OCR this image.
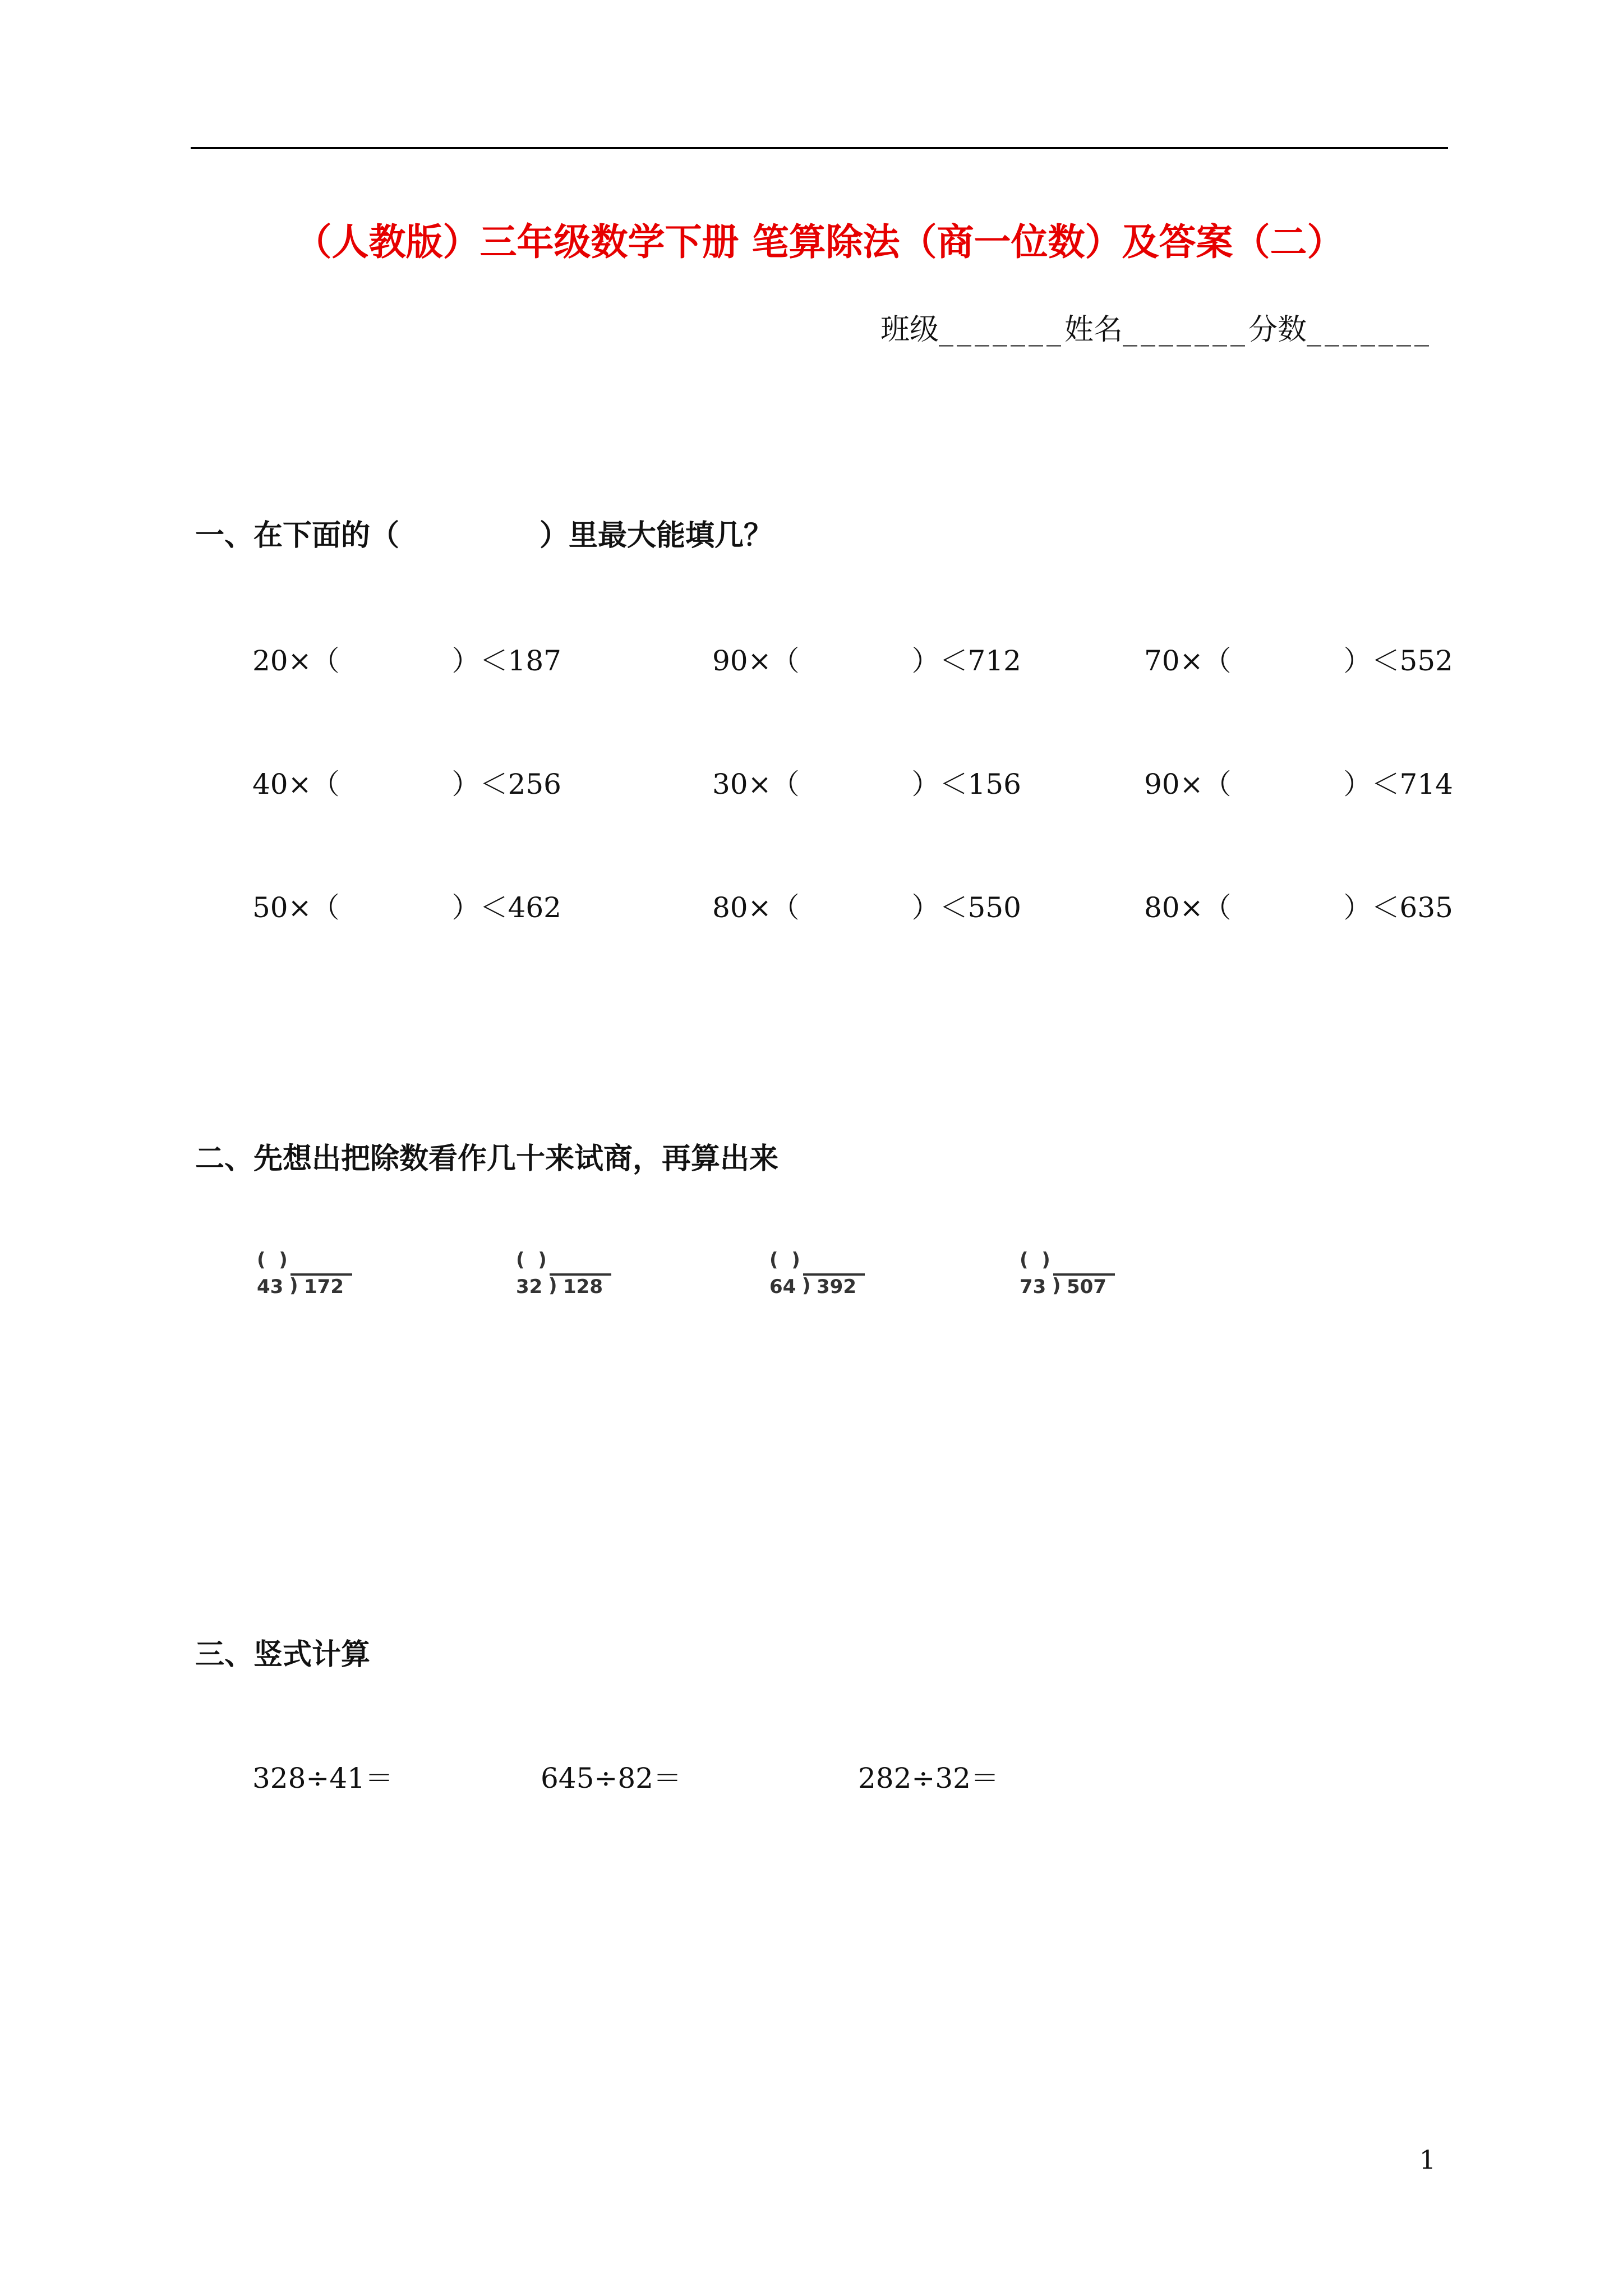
（人教版）三年级数学下册 笔算除法（商一位数）及答案（二）
班级_______姓名_______分数_______
一、在下面的（	）里最大能填几？
20×（	）＜187	90×（	）＜712	70×（	）＜552
40×（	）＜256	30×（	）＜156	90×（	）＜714
50×（	）＜462	80×（	）＜550	80×（	）＜635
二、先想出把除数看作几十来试商，再算出来
(  )
43 ) 172
(  )
32 ) 128
(  )
64 ) 392
(  )
73 ) 507
三、竖式计算
328÷41＝	645÷82＝	282÷32＝
1
